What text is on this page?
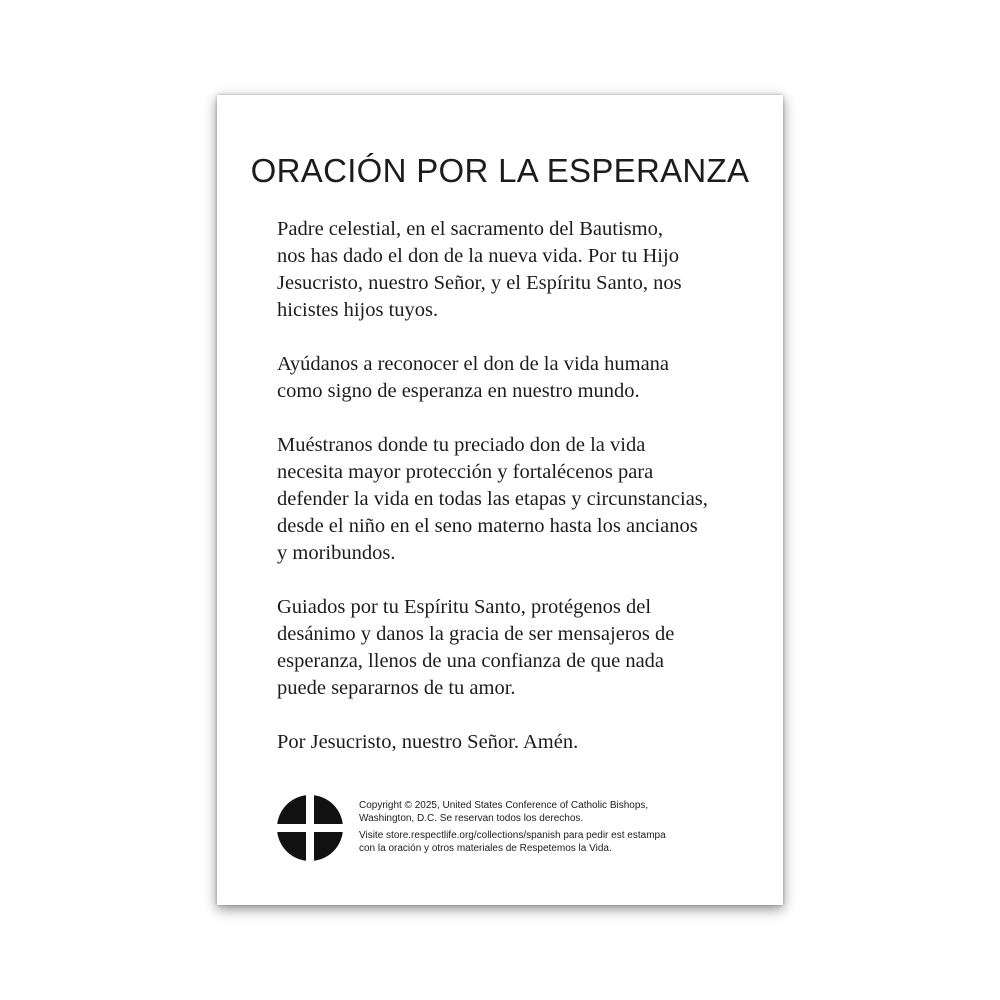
ORACIÓN POR LA ESPERANZA

Padre celestial, en el sacramento del Bautismo,
nos has dado el don de la nueva vida. Por tu Hijo
Jesucristo, nuestro Señor, y el Espíritu Santo, nos
hicistes hijos tuyos.

Ayúdanos a reconocer el don de la vida humana
como signo de esperanza en nuestro mundo.

Muéstranos donde tu preciado don de la vida
necesita mayor protección y fortalécenos para
defender la vida en todas las etapas y circunstancias,
desde el niño en el seno materno hasta los ancianos
y moribundos.

Guiados por tu Espíritu Santo, protégenos del
desánimo y danos la gracia de ser mensajeros de
esperanza, llenos de una confianza de que nada
puede separarnos de tu amor.

Por Jesucristo, nuestro Señor. Amén.

Copyright © 2025, United States Conference of Catholic Bishops,
Washington, D.C. Se reservan todos los derechos.
Visite store.respectlife.org/collections/spanish para pedir est estampa
con la oración y otros materiales de Respetemos la Vida.
